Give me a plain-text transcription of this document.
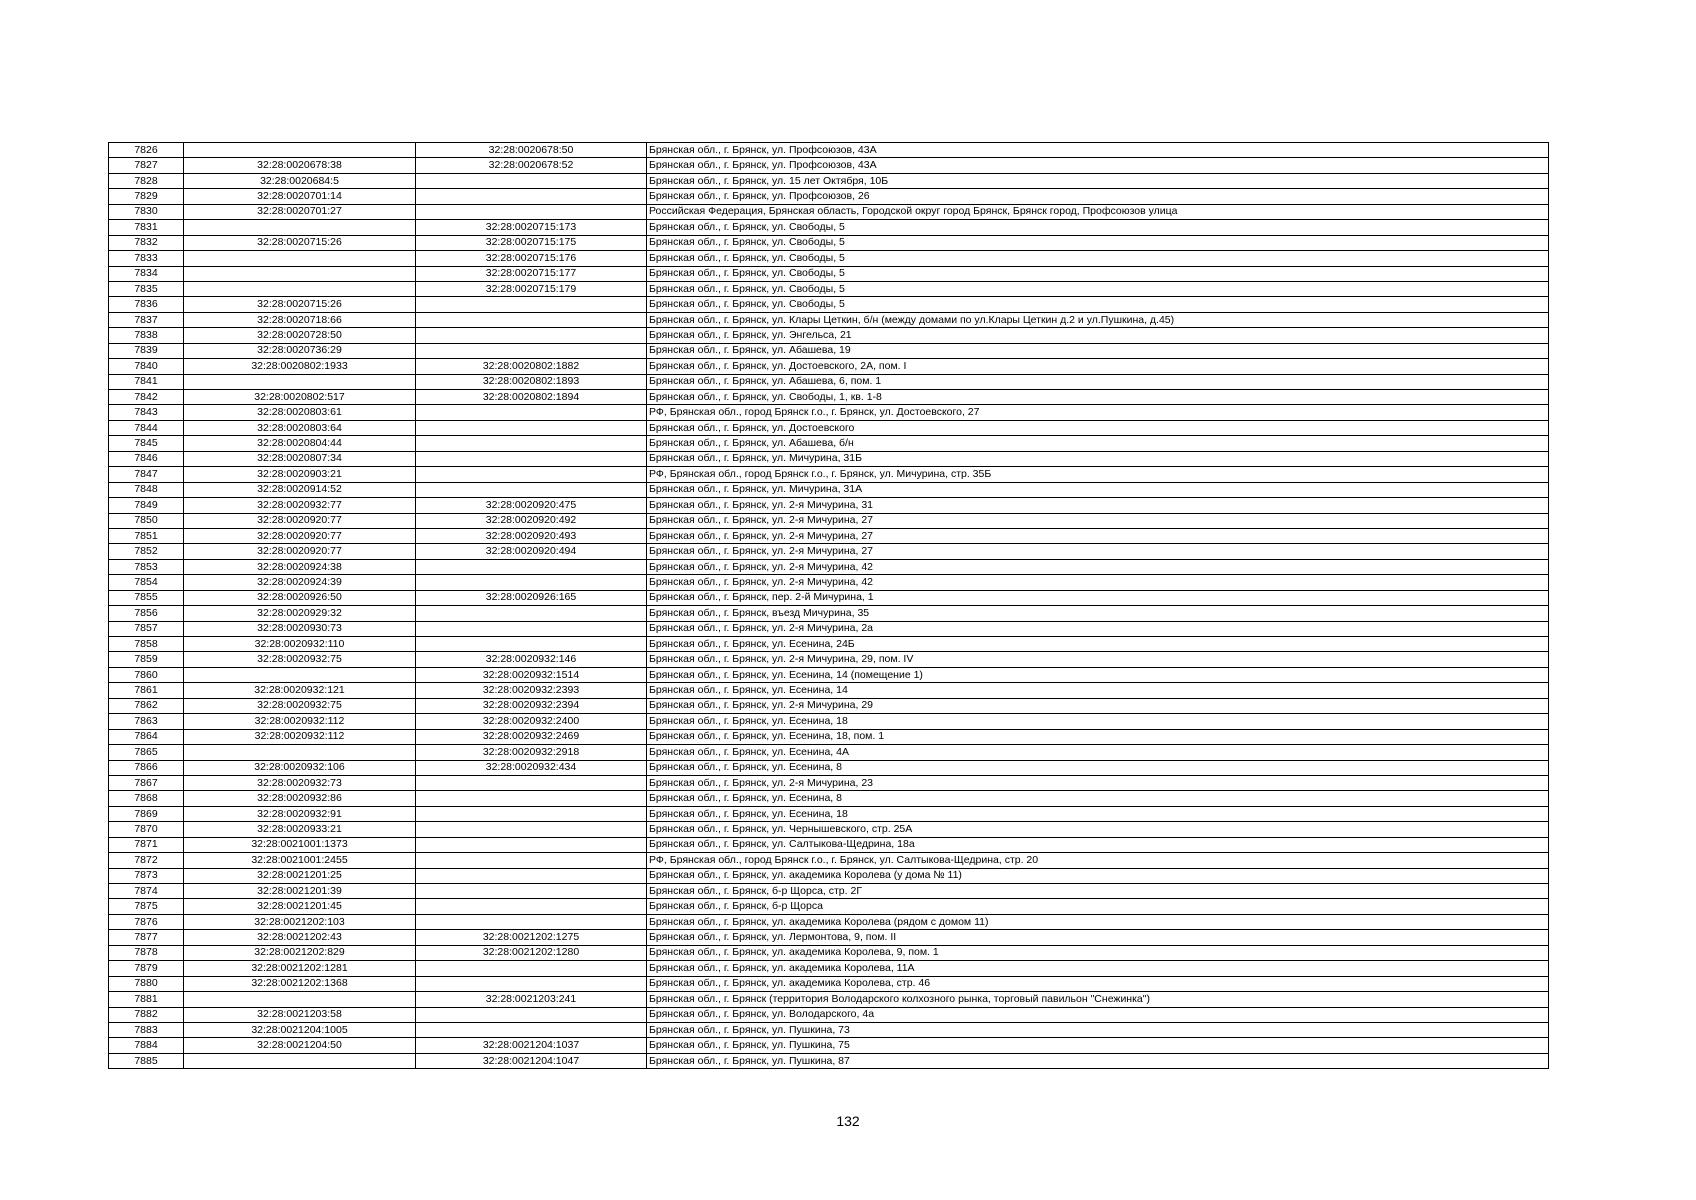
7826		32:28:0020678:50	Брянская обл., г. Брянск, ул. Профсоюзов, 43А
7827	32:28:0020678:38	32:28:0020678:52	Брянская обл., г. Брянск, ул. Профсоюзов, 43А
7828	32:28:0020684:5		Брянская обл., г. Брянск, ул. 15 лет Октября, 10Б
7829	32:28:0020701:14		Брянская обл., г. Брянск, ул. Профсоюзов, 26
7830	32:28:0020701:27		Российская Федерация, Брянская область, Городской округ город Брянск, Брянск город, Профсоюзов улица
7831		32:28:0020715:173	Брянская обл., г. Брянск, ул. Свободы, 5
7832	32:28:0020715:26	32:28:0020715:175	Брянская обл., г. Брянск, ул. Свободы, 5
7833		32:28:0020715:176	Брянская обл., г. Брянск, ул. Свободы, 5
7834		32:28:0020715:177	Брянская обл., г. Брянск, ул. Свободы, 5
7835		32:28:0020715:179	Брянская обл., г. Брянск, ул. Свободы, 5
7836	32:28:0020715:26		Брянская обл., г. Брянск, ул. Свободы, 5
7837	32:28:0020718:66		Брянская обл., г. Брянск, ул. Клары Цеткин, б/н (между домами по ул.Клары Цеткин д.2 и ул.Пушкина, д.45)
7838	32:28:0020728:50		Брянская обл., г. Брянск, ул. Энгельса, 21
7839	32:28:0020736:29		Брянская обл., г. Брянск, ул. Абашева, 19
7840	32:28:0020802:1933	32:28:0020802:1882	Брянская обл., г. Брянск, ул. Достоевского, 2А, пом. I
7841		32:28:0020802:1893	Брянская обл., г. Брянск, ул. Абашева, 6, пом. 1
7842	32:28:0020802:517	32:28:0020802:1894	Брянская обл., г. Брянск, ул. Свободы, 1, кв. 1-8
7843	32:28:0020803:61		РФ, Брянская обл., город Брянск г.о., г. Брянск, ул. Достоевского, 27
7844	32:28:0020803:64		Брянская обл., г. Брянск, ул. Достоевского
7845	32:28:0020804:44		Брянская обл., г. Брянск, ул. Абашева, б/н
7846	32:28:0020807:34		Брянская обл., г. Брянск, ул. Мичурина, 31Б
7847	32:28:0020903:21		РФ, Брянская обл., город Брянск г.о., г. Брянск, ул. Мичурина, стр. 35Б
7848	32:28:0020914:52		Брянская обл., г. Брянск, ул. Мичурина, 31А
7849	32:28:0020932:77	32:28:0020920:475	Брянская обл., г. Брянск, ул. 2-я Мичурина, 31
7850	32:28:0020920:77	32:28:0020920:492	Брянская обл., г. Брянск, ул. 2-я Мичурина, 27
7851	32:28:0020920:77	32:28:0020920:493	Брянская обл., г. Брянск, ул. 2-я Мичурина, 27
7852	32:28:0020920:77	32:28:0020920:494	Брянская обл., г. Брянск, ул. 2-я Мичурина, 27
7853	32:28:0020924:38		Брянская обл., г. Брянск, ул. 2-я Мичурина, 42
7854	32:28:0020924:39		Брянская обл., г. Брянск, ул. 2-я Мичурина, 42
7855	32:28:0020926:50	32:28:0020926:165	Брянская обл., г. Брянск, пер. 2-й Мичурина, 1
7856	32:28:0020929:32		Брянская обл., г. Брянск, въезд Мичурина, 35
7857	32:28:0020930:73		Брянская обл., г. Брянск, ул. 2-я Мичурина, 2а
7858	32:28:0020932:110		Брянская обл., г. Брянск, ул. Есенина, 24Б
7859	32:28:0020932:75	32:28:0020932:146	Брянская обл., г. Брянск, ул. 2-я Мичурина, 29, пом. IV
7860		32:28:0020932:1514	Брянская обл., г. Брянск, ул. Есенина, 14 (помещение 1)
7861	32:28:0020932:121	32:28:0020932:2393	Брянская обл., г. Брянск, ул. Есенина, 14
7862	32:28:0020932:75	32:28:0020932:2394	Брянская обл., г. Брянск, ул. 2-я Мичурина, 29
7863	32:28:0020932:112	32:28:0020932:2400	Брянская обл., г. Брянск, ул. Есенина, 18
7864	32:28:0020932:112	32:28:0020932:2469	Брянская обл., г. Брянск, ул. Есенина, 18, пом. 1
7865		32:28:0020932:2918	Брянская обл., г. Брянск, ул. Есенина, 4А
7866	32:28:0020932:106	32:28:0020932:434	Брянская обл., г. Брянск, ул. Есенина, 8
7867	32:28:0020932:73		Брянская обл., г. Брянск, ул. 2-я Мичурина, 23
7868	32:28:0020932:86		Брянская обл., г. Брянск, ул. Есенина, 8
7869	32:28:0020932:91		Брянская обл., г. Брянск, ул. Есенина, 18
7870	32:28:0020933:21		Брянская обл., г. Брянск, ул. Чернышевского, стр. 25А
7871	32:28:0021001:1373		Брянская обл., г. Брянск, ул. Салтыкова-Щедрина, 18а
7872	32:28:0021001:2455		РФ, Брянская обл., город Брянск г.о., г. Брянск, ул. Салтыкова-Щедрина, стр. 20
7873	32:28:0021201:25		Брянская обл., г. Брянск, ул. академика Королева (у дома № 11)
7874	32:28:0021201:39		Брянская обл., г. Брянск, б-р Щорса, стр. 2Г
7875	32:28:0021201:45		Брянская обл., г. Брянск, б-р Щорса
7876	32:28:0021202:103		Брянская обл., г. Брянск, ул. академика Королева (рядом с домом 11)
7877	32:28:0021202:43	32:28:0021202:1275	Брянская обл., г. Брянск, ул. Лермонтова, 9, пом. II
7878	32:28:0021202:829	32:28:0021202:1280	Брянская обл., г. Брянск, ул. академика Королева, 9, пом. 1
7879	32:28:0021202:1281		Брянская обл., г. Брянск, ул. академика Королева, 11А
7880	32:28:0021202:1368		Брянская обл., г. Брянск, ул. академика Королева, стр. 46
7881		32:28:0021203:241	Брянская обл., г. Брянск (территория Володарского колхозного рынка, торговый павильон "Снежинка")
7882	32:28:0021203:58		Брянская обл., г. Брянск, ул. Володарского, 4а
7883	32:28:0021204:1005		Брянская обл., г. Брянск, ул. Пушкина, 73
7884	32:28:0021204:50	32:28:0021204:1037	Брянская обл., г. Брянск, ул. Пушкина, 75
7885		32:28:0021204:1047	Брянская обл., г. Брянск, ул. Пушкина, 87
132
